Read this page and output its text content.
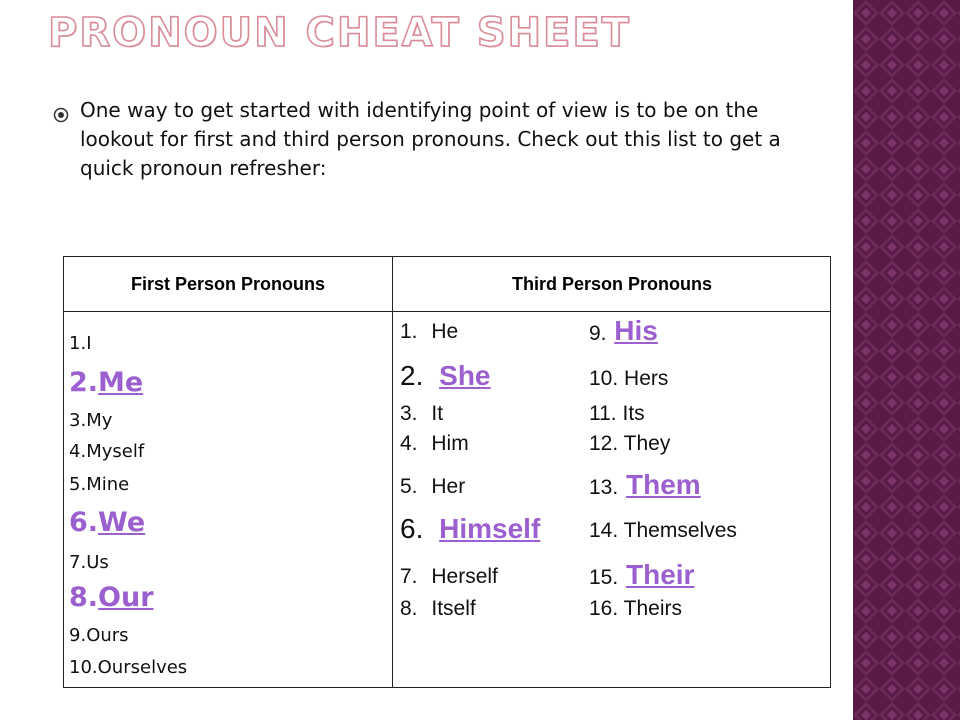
PRONOUN CHEAT SHEET
One way to get started with identifying point of view is to be on the lookout for first and third person pronouns. Check out this list to get a quick pronoun refresher:
First Person Pronouns	Third Person Pronouns
1.I
2.Me
3.My
4.Myself
5.Mine
6.We
7.Us
8.Our
9.Ours
10.Ourselves
1. He
2. She
3. It
4. Him
5. Her
6. Himself
7. Herself
8. Itself
9. His
10. Hers
11. Its
12. They
13. Them
14. Themselves
15. Their
16. Theirs
